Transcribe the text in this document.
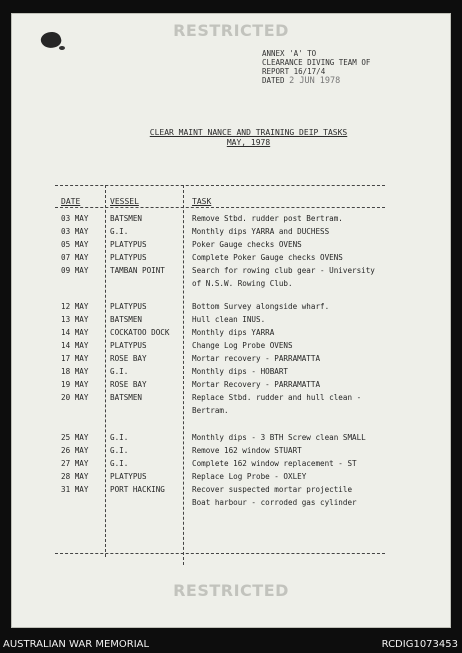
RESTRICTED
ANNEX 'A' TO
CLEARANCE DIVING TEAM OF
REPORT 16/17/4
DATED 2 JUN 1978
CLEAR MAINT NANCE AND TRAINING DEIP TASKS
MAY, 1978
DATE	VESSEL	TASK
03 MAY	BATSMEN	Remove Stbd. rudder post Bertram.
03 MAY	G.I.	Monthly dips YARRA and DUCHESS
05 MAY	PLATYPUS	Poker Gauge checks OVENS
07 MAY	PLATYPUS	Complete Poker Gauge checks OVENS
09 MAY	TAMBAN POINT	Search for rowing club gear - University
of N.S.W. Rowing Club.
12 MAY	PLATYPUS	Bottom Survey alongside wharf.
13 MAY	BATSMEN	Hull clean INUS.
14 MAY	COCKATOO DOCK	Monthly dips YARRA
14 MAY	PLATYPUS	Change Log Probe OVENS
17 MAY	ROSE BAY	Mortar recovery - PARRAMATTA
18 MAY	G.I.	Monthly dips - HOBART
19 MAY	ROSE BAY	Mortar Recovery - PARRAMATTA
20 MAY	BATSMEN	Replace Stbd. rudder and hull clean -
Bertram.
25 MAY	G.I.	Monthly dips - 3 BTH Screw clean SMALL
26 MAY	G.I.	Remove 162 window STUART
27 MAY	G.I.	Complete 162 window replacement - ST
28 MAY	PLATYPUS	Replace Log Probe - OXLEY
31 MAY	PORT HACKING	Recover suspected mortar projectile
Boat harbour - corroded gas cylinder
RESTRICTED
AUSTRALIAN WAR MEMORIAL	RCDIG1073453
